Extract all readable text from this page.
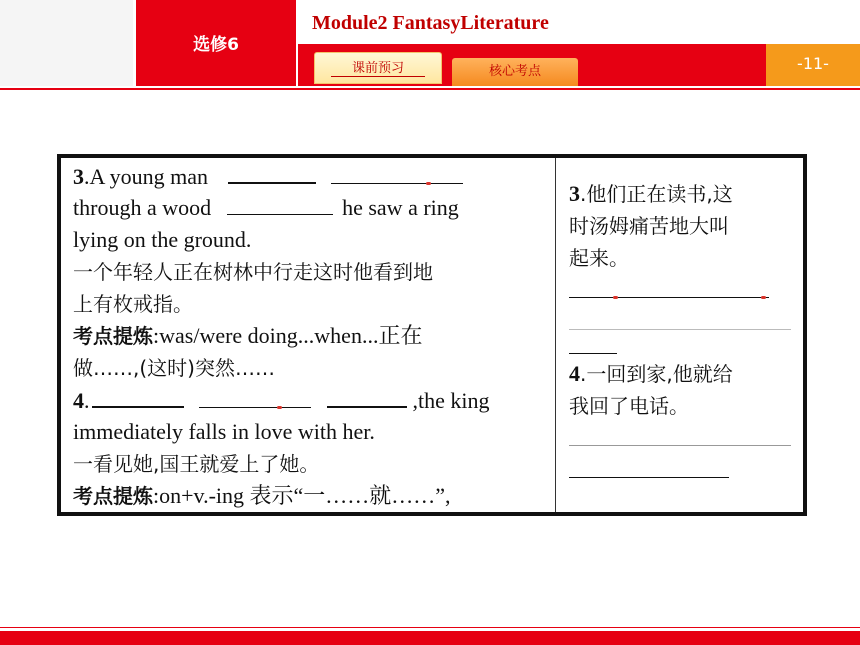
选修6
Module2 FantasyLiterature
课前预习	核心考点	-11-
3.A young man
through a wood	he saw a ring
lying on the ground.
一个年轻人正在树林中行走这时他看到地
上有枚戒指。
考点提炼:was/were doing...when...正在
做……,(这时)突然……
4.	,the king
immediately falls in love with her.
一看见她,国王就爱上了她。
考点提炼:on+v.-ing 表示“一……就……”,
3.他们正在读书,这
时汤姆痛苦地大叫
起来。
4.一回到家,他就给
我回了电话。
